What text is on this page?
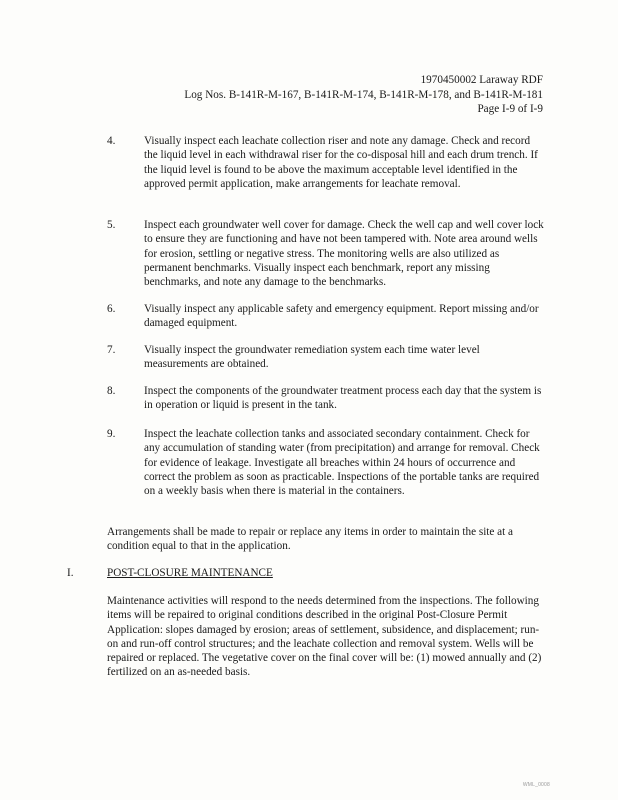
1970450002 Laraway RDF
Log Nos. B-141R-M-167, B-141R-M-174, B-141R-M-178, and B-141R-M-181
Page I-9 of I-9
4.	Visually inspect each leachate collection riser and note any damage. Check and record the liquid level in each withdrawal riser for the co-disposal hill and each drum trench. If the liquid level is found to be above the maximum acceptable level identified in the approved permit application, make arrangements for leachate removal.
5.	Inspect each groundwater well cover for damage. Check the well cap and well cover lock to ensure they are functioning and have not been tampered with. Note area around wells for erosion, settling or negative stress. The monitoring wells are also utilized as permanent benchmarks. Visually inspect each benchmark, report any missing benchmarks, and note any damage to the benchmarks.
6.	Visually inspect any applicable safety and emergency equipment. Report missing and/or damaged equipment.
7.	Visually inspect the groundwater remediation system each time water level measurements are obtained.
8.	Inspect the components of the groundwater treatment process each day that the system is in operation or liquid is present in the tank.
9.	Inspect the leachate collection tanks and associated secondary containment. Check for any accumulation of standing water (from precipitation) and arrange for removal. Check for evidence of leakage. Investigate all breaches within 24 hours of occurrence and correct the problem as soon as practicable. Inspections of the portable tanks are required on a weekly basis when there is material in the containers.
Arrangements shall be made to repair or replace any items in order to maintain the site at a condition equal to that in the application.
I.	POST-CLOSURE MAINTENANCE
Maintenance activities will respond to the needs determined from the inspections. The following items will be repaired to original conditions described in the original Post-Closure Permit Application: slopes damaged by erosion; areas of settlement, subsidence, and displacement; run-on and run-off control structures; and the leachate collection and removal system. Wells will be repaired or replaced. The vegetative cover on the final cover will be: (1) mowed annually and (2) fertilized on an as-needed basis.
WML_0008
